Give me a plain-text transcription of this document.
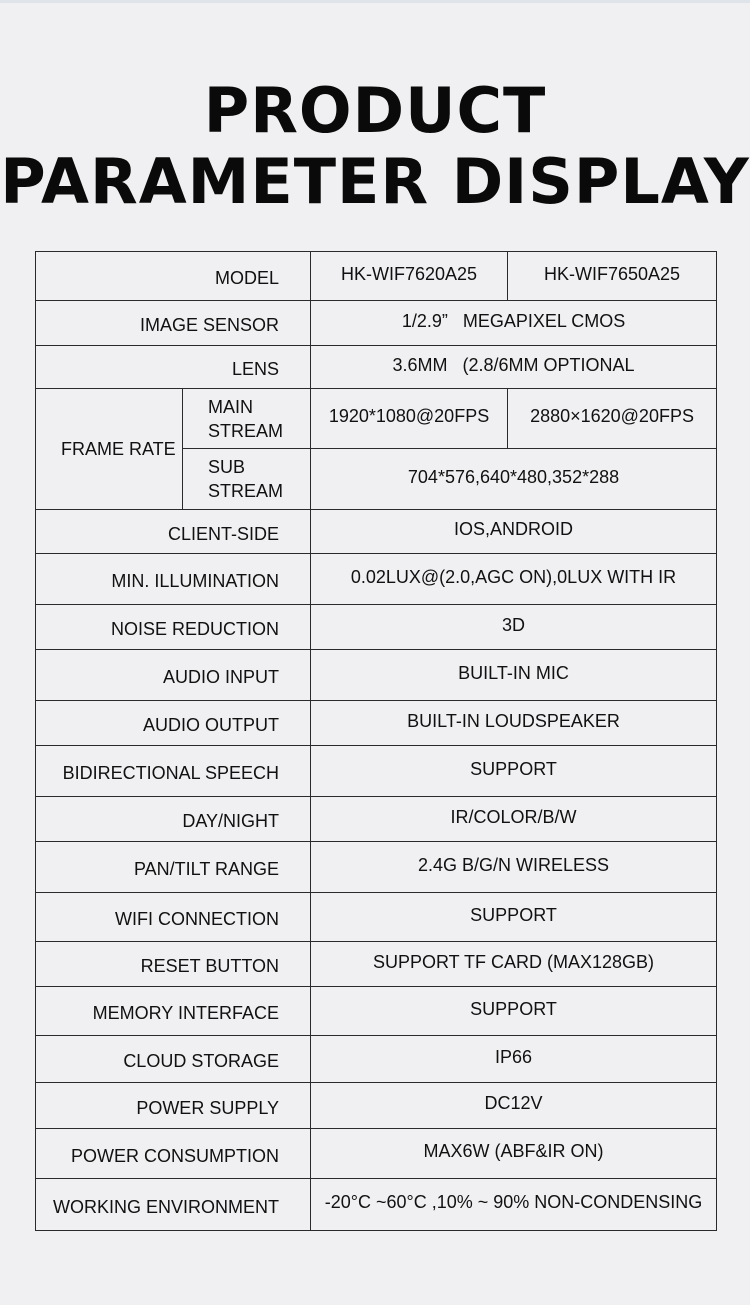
PRODUCT
PARAMETER DISPLAY
MODEL		HK-WIF7620A25	HK-WIF7650A25
IMAGE SENSOR		1/2.9”   MEGAPIXEL CMOS	
LENS		3.6MM   (2.8/6MM OPTIONAL	
FRAME RATE	MAIN STREAM	1920*1080@20FPS	2880×1620@20FPS
	SUB STREAM	704*576,640*480,352*288	
CLIENT-SIDE		IOS,ANDROID	
MIN. ILLUMINATION		0.02LUX@(2.0,AGC ON),0LUX WITH IR	
NOISE REDUCTION		3D	
AUDIO INPUT		BUILT-IN MIC	
AUDIO OUTPUT		BUILT-IN LOUDSPEAKER	
BIDIRECTIONAL SPEECH		SUPPORT	
DAY/NIGHT		IR/COLOR/B/W	
PAN/TILT RANGE		2.4G B/G/N WIRELESS	
WIFI CONNECTION		SUPPORT	
RESET BUTTON		SUPPORT TF CARD (MAX128GB)	
MEMORY INTERFACE		SUPPORT	
CLOUD STORAGE		IP66	
POWER SUPPLY		DC12V	
POWER CONSUMPTION		MAX6W (ABF&IR ON)	
WORKING ENVIRONMENT		-20°C ~60°C ,10% ~ 90% NON-CONDENSING	
